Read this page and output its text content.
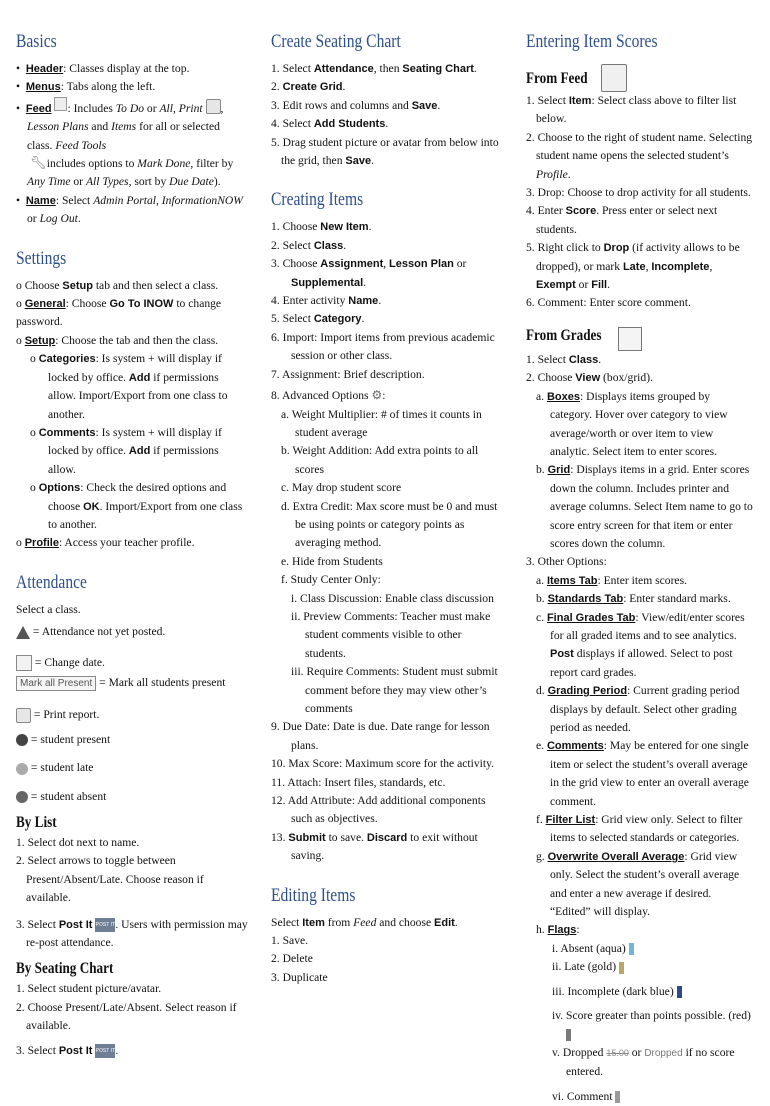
Basics
•  Header: Classes display at the top.
•  Menus: Tabs along the left.
•  Feed : Includes To Do or All, Print , Lesson Plans and Items for all or selected class. Feed Tools
🔧︎ includes options to Mark Done, filter by Any Time or All Types, sort by Due Date).
•  Name: Select Admin Portal, InformationNOW or Log Out.
Settings
o Choose Setup tab and then select a class.
o General: Choose Go To INOW to change password.
o Setup: Choose the tab and then the class.
o Categories: Is system + will display if locked by office. Add if permissions allow. Import/Export from one class to another.
o Comments: Is system + will display if locked by office. Add if permissions allow.
o Options: Check the desired options and choose OK. Import/Export from one class to another.
o Profile: Access your teacher profile.
Attendance
Select a class.
= Attendance not yet posted.
= Change date.
Mark all Present = Mark all students present
= Print report.
= student present
= student late
= student absent
By List
1. Select dot next to name.
2. Select arrows to toggle between Present/Absent/Late. Choose reason if available.
3. Select Post It POST IT. Users with permission may re-post attendance.
By Seating Chart
1. Select student picture/avatar.
2. Choose Present/Late/Absent. Select reason if available.
3. Select Post It POST IT.
Create Seating Chart
1. Select Attendance, then Seating Chart.
2. Create Grid.
3. Edit rows and columns and Save.
4. Select Add Students.
5. Drag student picture or avatar from below into the grid, then Save.
Creating Items
1. Choose New Item.
2. Select Class.
3. Choose Assignment, Lesson Plan or Supplemental.
4. Enter activity Name.
5. Select Category.
6. Import: Import items from previous academic session or other class.
7. Assignment: Brief description.
8. Advanced Options ⚙:
a. Weight Multiplier: # of times it counts in student average
b. Weight Addition: Add extra points to all scores
c. May drop student score
d. Extra Credit: Max score must be 0 and must be using points or category points as averaging method.
e. Hide from Students
f. Study Center Only:
i. Class Discussion: Enable class discussion
ii. Preview Comments: Teacher must make student comments visible to other students.
iii. Require Comments: Student must submit comment before they may view other’s comments
9. Due Date: Date is due. Date range for lesson plans.
10. Max Score: Maximum score for the activity.
11. Attach: Insert files, standards, etc.
12. Add Attribute: Add additional components such as objectives.
13. Submit to save. Discard to exit without saving.
Editing Items
Select Item from Feed and choose Edit.
1. Save.
2. Delete
3. Duplicate
Entering Item Scores
From Feed
1. Select Item: Select class above to filter list below.
2. Choose to the right of student name. Selecting student name opens the selected student’s Profile.
3. Drop: Choose to drop activity for all students.
4. Enter Score. Press enter or select next students.
5. Right click to Drop (if activity allows to be dropped), or mark Late, Incomplete, Exempt or Fill.
6. Comment: Enter score comment.
From Grades
1. Select Class.
2. Choose View (box/grid).
a. Boxes: Displays items grouped by category. Hover over category to view average/worth or over item to view analytic. Select item to enter scores.
b. Grid: Displays items in a grid. Enter scores down the column. Includes printer and average columns. Select Item name to go to score entry screen for that item or enter scores down the column.
3. Other Options:
a. Items Tab: Enter item scores.
b. Standards Tab: Enter standard marks.
c. Final Grades Tab: View/edit/enter scores for all graded items and to see analytics. Post displays if allowed. Select to post report card grades.
d. Grading Period: Current grading period displays by default. Select other grading period as needed.
e. Comments: May be entered for one single item or select the student’s overall average in the grid view to enter an overall average comment.
f. Filter List: Grid view only. Select to filter items to selected standards or categories.
g. Overwrite Overall Average: Grid view only. Select the student’s overall average and enter a new average if desired. “Edited” will display.
h. Flags:
i. Absent (aqua)
ii. Late (gold)
iii. Incomplete (dark blue)
iv. Score greater than points possible. (red)
v. Dropped 15.00 or Dropped if no score entered.
vi. Comment
